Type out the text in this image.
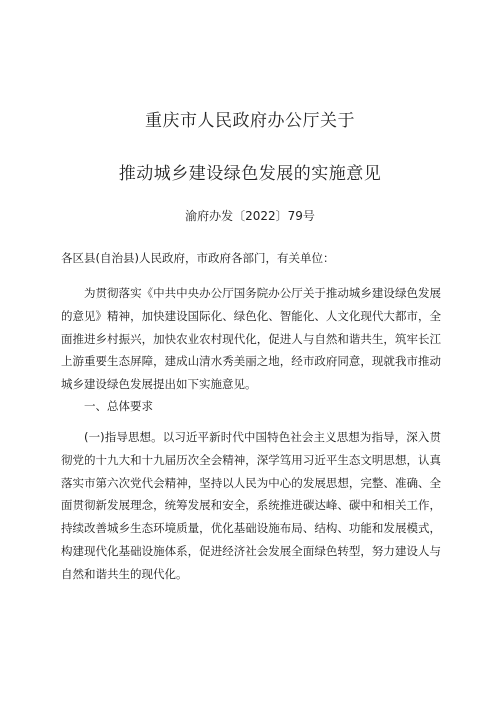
重庆市人民政府办公厅关于
推动城乡建设绿色发展的实施意见
渝府办发〔2022〕79号
各区县(自治县)人民政府，市政府各部门，有关单位：
为贯彻落实《中共中央办公厅国务院办公厅关于推动城乡建设绿色发展的意见》精神，加快建设国际化、绿色化、智能化、人文化现代大都市，全面推进乡村振兴，加快农业农村现代化，促进人与自然和谐共生，筑牢长江上游重要生态屏障，建成山清水秀美丽之地，经市政府同意，现就我市推动城乡建设绿色发展提出如下实施意见。
一、总体要求
(一)指导思想。以习近平新时代中国特色社会主义思想为指导，深入贯彻党的十九大和十九届历次全会精神，深学笃用习近平生态文明思想，认真落实市第六次党代会精神，坚持以人民为中心的发展思想，完整、准确、全面贯彻新发展理念，统筹发展和安全，系统推进碳达峰、碳中和相关工作，持续改善城乡生态环境质量，优化基础设施布局、结构、功能和发展模式，构建现代化基础设施体系，促进经济社会发展全面绿色转型，努力建设人与自然和谐共生的现代化。
